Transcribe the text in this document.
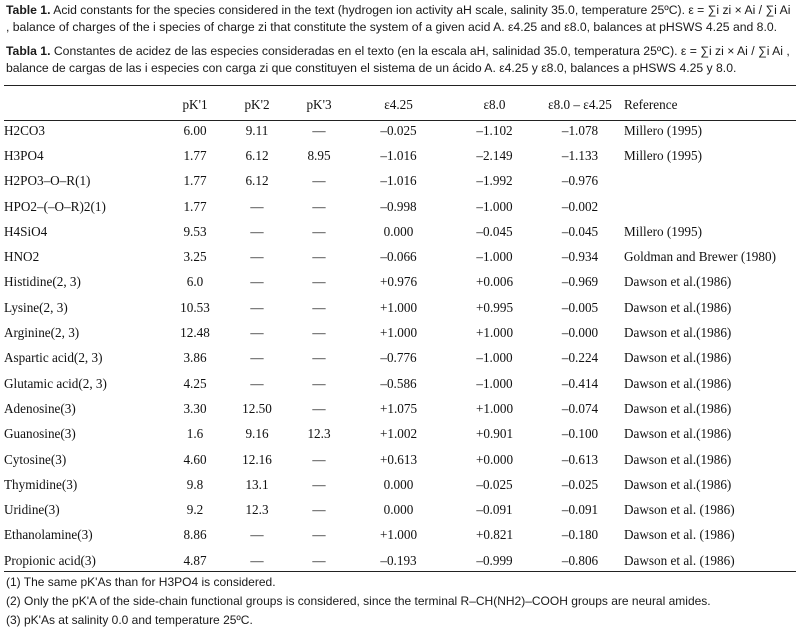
Table 1. Acid constants for the species considered in the text (hydrogen ion activity aH scale, salinity 35.0, temperature 25ºC). ε = ∑i zi × Ai / ∑i Ai , balance of charges of the i species of charge zi that constitute the system of a given acid A. ε4.25 and ε8.0, balances at pHSWS 4.25 and 8.0.
Tabla 1. Constantes de acidez de las especies consideradas en el texto (en la escala aH, salinidad 35.0, temperatura 25ºC). ε = ∑i zi × Ai / ∑i Ai , balance de cargas de las i especies con carga zi que constituyen el sistema de un ácido A. ε4.25 y ε8.0, balances a pHSWS 4.25 y 8.0.
	pK'1	pK'2	pK'3	ε4.25	ε8.0	ε8.0 – ε4.25	Reference
H2CO3	6.00	9.11	—	–0.025	–1.102	–1.078	Millero (1995)
H3PO4	1.77	6.12	8.95	–1.016	–2.149	–1.133	Millero (1995)
H2PO3–O–R(1)	1.77	6.12	—	–1.016	–1.992	–0.976	
HPO2–(–O–R)2(1)	1.77	—	—	–0.998	–1.000	–0.002	
H4SiO4	9.53	—	—	0.000	–0.045	–0.045	Millero (1995)
HNO2	3.25	—	—	–0.066	–1.000	–0.934	Goldman and Brewer (1980)
Histidine(2, 3)	6.0	—	—	+0.976	+0.006	–0.969	Dawson et al.(1986)
Lysine(2, 3)	10.53	—	—	+1.000	+0.995	–0.005	Dawson et al.(1986)
Arginine(2, 3)	12.48	—	—	+1.000	+1.000	–0.000	Dawson et al.(1986)
Aspartic acid(2, 3)	3.86	—	—	–0.776	–1.000	–0.224	Dawson et al.(1986)
Glutamic acid(2, 3)	4.25	—	—	–0.586	–1.000	–0.414	Dawson et al.(1986)
Adenosine(3)	3.30	12.50	—	+1.075	+1.000	–0.074	Dawson et al.(1986)
Guanosine(3)	1.6	9.16	12.3	+1.002	+0.901	–0.100	Dawson et al.(1986)
Cytosine(3)	4.60	12.16	—	+0.613	+0.000	–0.613	Dawson et al.(1986)
Thymidine(3)	9.8	13.1	—	0.000	–0.025	–0.025	Dawson et al.(1986)
Uridine(3)	9.2	12.3	—	0.000	–0.091	–0.091	Dawson et al. (1986)
Ethanolamine(3)	8.86	—	—	+1.000	+0.821	–0.180	Dawson et al. (1986)
Propionic acid(3)	4.87	—	—	–0.193	–0.999	–0.806	Dawson et al. (1986)
(1) The same pK'As than for H3PO4 is considered.
(2) Only the pK'A of the side-chain functional groups is considered, since the terminal R–CH(NH2)–COOH groups are neural amides.
(3) pK'As at salinity 0.0 and temperature 25ºC.
